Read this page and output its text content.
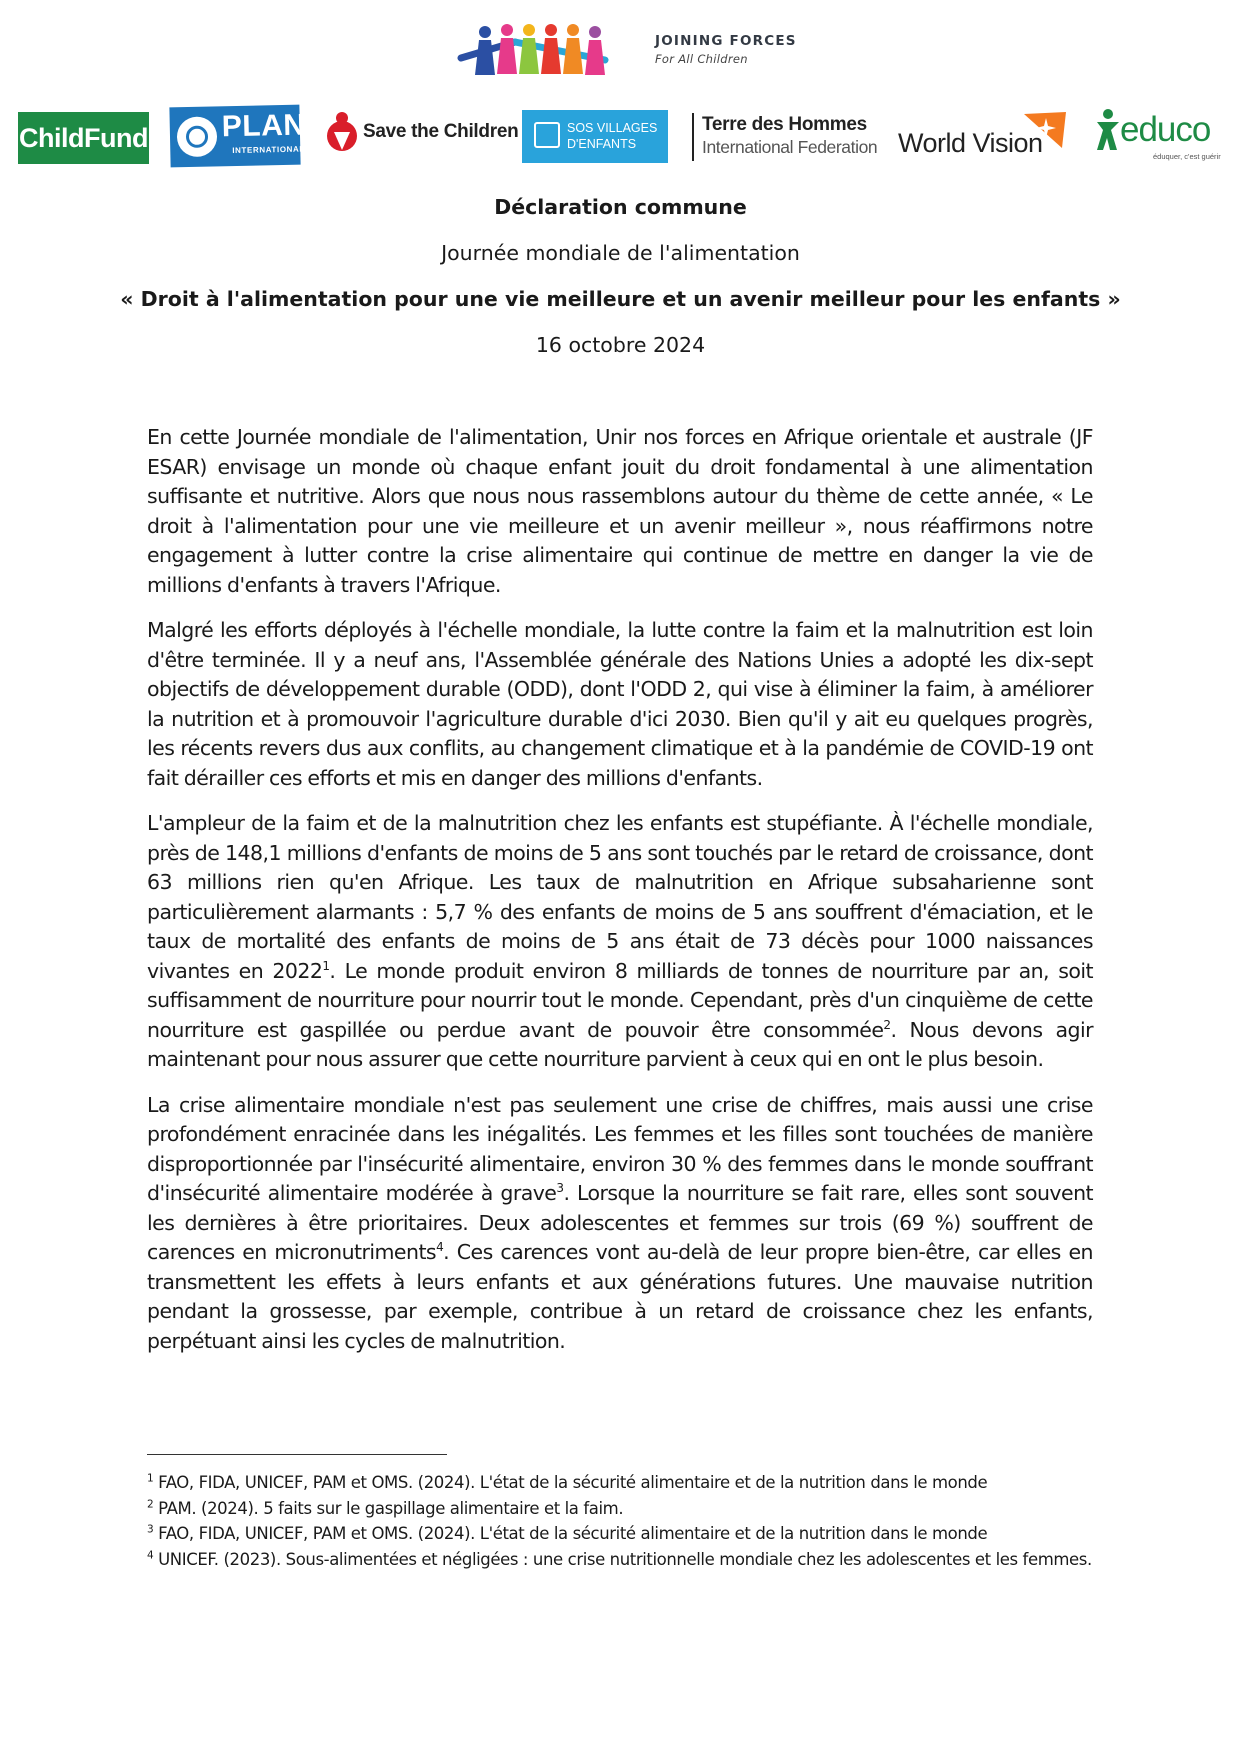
JOINING FORCES
For All Children
ChildFund PLAN
INTERNATIONAL
Save the Children	SOS VILLAGES
D'ENFANTS
Terre des Hommes
International Federation World Vision educo
éduquer, c'est guérir
Déclaration commune
Journée mondiale de l'alimentation
« Droit à l'alimentation pour une vie meilleure et un avenir meilleur pour les enfants »
16 octobre 2024

En cette Journée mondiale de l'alimentation, Unir nos forces en Afrique orientale et australe (JF ESAR) envisage un monde où chaque enfant jouit du droit fondamental à une alimentation suffisante et nutritive. Alors que nous nous rassemblons autour du thème de cette année, « Le droit à l'alimentation pour une vie meilleure et un avenir meilleur », nous réaffirmons notre engagement à lutter contre la crise alimentaire qui continue de mettre en danger la vie de millions d'enfants à travers l'Afrique.

Malgré les efforts déployés à l'échelle mondiale, la lutte contre la faim et la malnutrition est loin d'être terminée. Il y a neuf ans, l'Assemblée générale des Nations Unies a adopté les dix-sept objectifs de développement durable (ODD), dont l'ODD 2, qui vise à éliminer la faim, à améliorer la nutrition et à promouvoir l'agriculture durable d'ici 2030. Bien qu'il y ait eu quelques progrès, les récents revers dus aux conflits, au changement climatique et à la pandémie de COVID-19 ont fait dérailler ces efforts et mis en danger des millions d'enfants.

L'ampleur de la faim et de la malnutrition chez les enfants est stupéfiante. À l'échelle mondiale, près de 148,1 millions d'enfants de moins de 5 ans sont touchés par le retard de croissance, dont 63 millions rien qu'en Afrique. Les taux de malnutrition en Afrique subsaharienne sont particulièrement alarmants : 5,7 % des enfants de moins de 5 ans souffrent d'émaciation, et le taux de mortalité des enfants de moins de 5 ans était de 73 décès pour 1000 naissances vivantes en 2022$^1$. Le monde produit environ 8 milliards de tonnes de nourriture par an, soit suffisamment de nourriture pour nourrir tout le monde. Cependant, près d'un cinquième de cette nourriture est gaspillée ou perdue avant de pouvoir être consommée$^2$. Nous devons agir maintenant pour nous assurer que cette nourriture parvient à ceux qui en ont le plus besoin.

La crise alimentaire mondiale n'est pas seulement une crise de chiffres, mais aussi une crise profondément enracinée dans les inégalités. Les femmes et les filles sont touchées de manière disproportionnée par l'insécurité alimentaire, environ 30 % des femmes dans le monde souffrant d'insécurité alimentaire modérée à grave$^3$. Lorsque la nourriture se fait rare, elles sont souvent les dernières à être prioritaires. Deux adolescentes et femmes sur trois (69 %) souffrent de carences en micronutriments$^4$. Ces carences vont au-delà de leur propre bien-être, car elles en transmettent les effets à leurs enfants et aux générations futures. Une mauvaise nutrition pendant la grossesse, par exemple, contribue à un retard de croissance chez les enfants, perpétuant ainsi les cycles de malnutrition.

$^1$ FAO, FIDA, UNICEF, PAM et OMS. (2024). L'état de la sécurité alimentaire et de la nutrition dans le monde
$^2$ PAM. (2024). 5 faits sur le gaspillage alimentaire et la faim.
$^3$ FAO, FIDA, UNICEF, PAM et OMS. (2024). L'état de la sécurité alimentaire et de la nutrition dans le monde
$^4$ UNICEF. (2023). Sous-alimentées et négligées : une crise nutritionnelle mondiale chez les adolescentes et les femmes.
